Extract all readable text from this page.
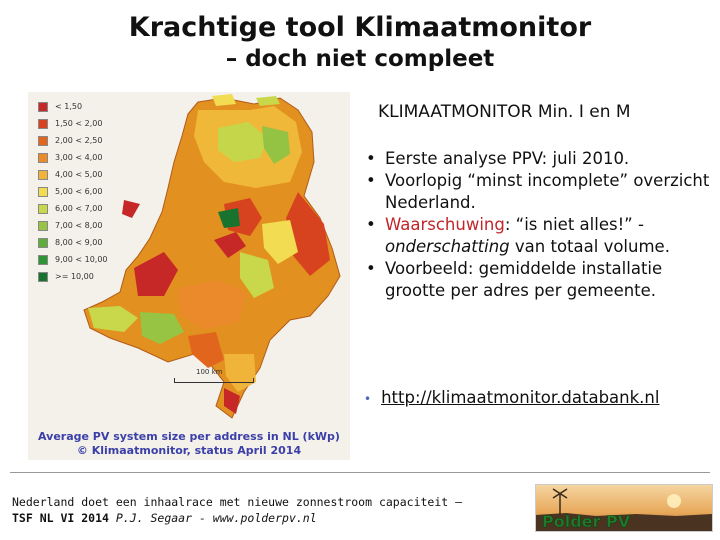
Krachtige tool Klimaatmonitor
– doch niet compleet
< 1,50
1,50 < 2,00
2,00 < 2,50
3,00 < 4,00
4,00 < 5,00
5,00 < 6,00
6,00 < 7,00
7,00 < 8,00
8,00 < 9,00
9,00 < 10,00
>= 10,00
100 km
Average PV system size per address in NL (kWp)
© Klimaatmonitor, status April 2014
KLIMAATMONITOR Min. I en M
• Eerste analyse PPV: juli 2010.
• Voorlopig “minst incomplete” overzicht Nederland.
• Waarschuwing: “is niet alles!” - onderschatting van totaal volume.
• Voorbeeld: gemiddelde installatie grootte per adres per gemeente.
• http://klimaatmonitor.databank.nl
Nederland doet een inhaalrace met nieuwe zonnestroom capaciteit –
TSF NL VI 2014 P.J. Segaar - www.polderpv.nl	Polder PV
